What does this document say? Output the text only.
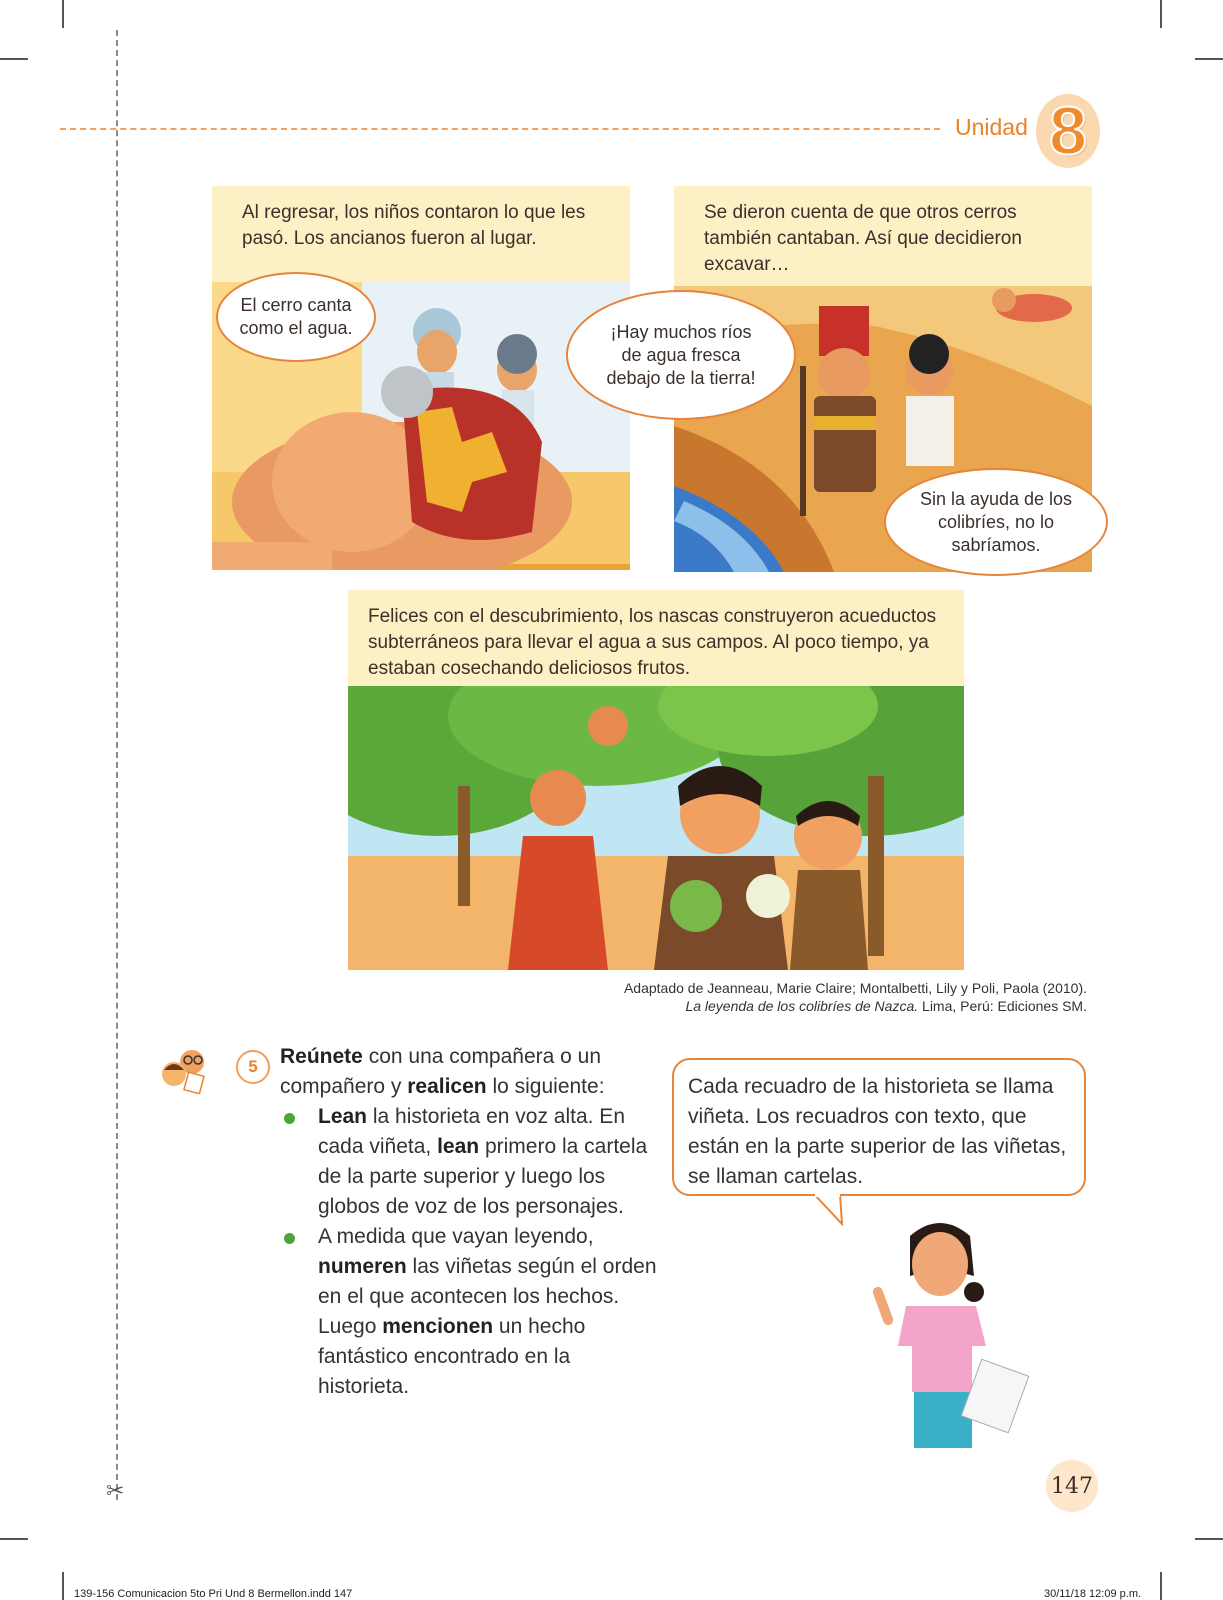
✂
Unidad 8
Al regresar, los niños contaron lo que les pasó. Los ancianos fueron al lugar.
El cerro canta como el agua.
Se dieron cuenta de que otros cerros también cantaban. Así que decidieron excavar…
¡Hay muchos ríos de agua fresca debajo de la tierra!
Sin la ayuda de los colibríes, no lo sabríamos.
Felices con el descubrimiento, los nascas construyeron acueductos subterráneos para llevar el agua a sus campos. Al poco tiempo, ya estaban cosechando deliciosos frutos.
Adaptado de Jeanneau, Marie Claire; Montalbetti, Lily y Poli, Paola (2010).
La leyenda de los colibríes de Nazca. Lima, Perú: Ediciones SM.
5	Reúnete con una compañera o un compañero y realicen lo siguiente:
Lean la historieta en voz alta. En cada viñeta, lean primero la cartela de la parte superior y luego los globos de voz de los personajes.
A medida que vayan leyendo, numeren las viñetas según el orden en el que acontecen los hechos. Luego mencionen un hecho fantástico encontrado en la historieta.
Cada recuadro de la historieta se llama viñeta. Los recuadros con texto, que están en la parte superior de las viñetas, se llaman cartelas.
147
139-156 Comunicacion 5to Pri Und 8 Bermellon.indd 147	30/11/18 12:09 p.m.
